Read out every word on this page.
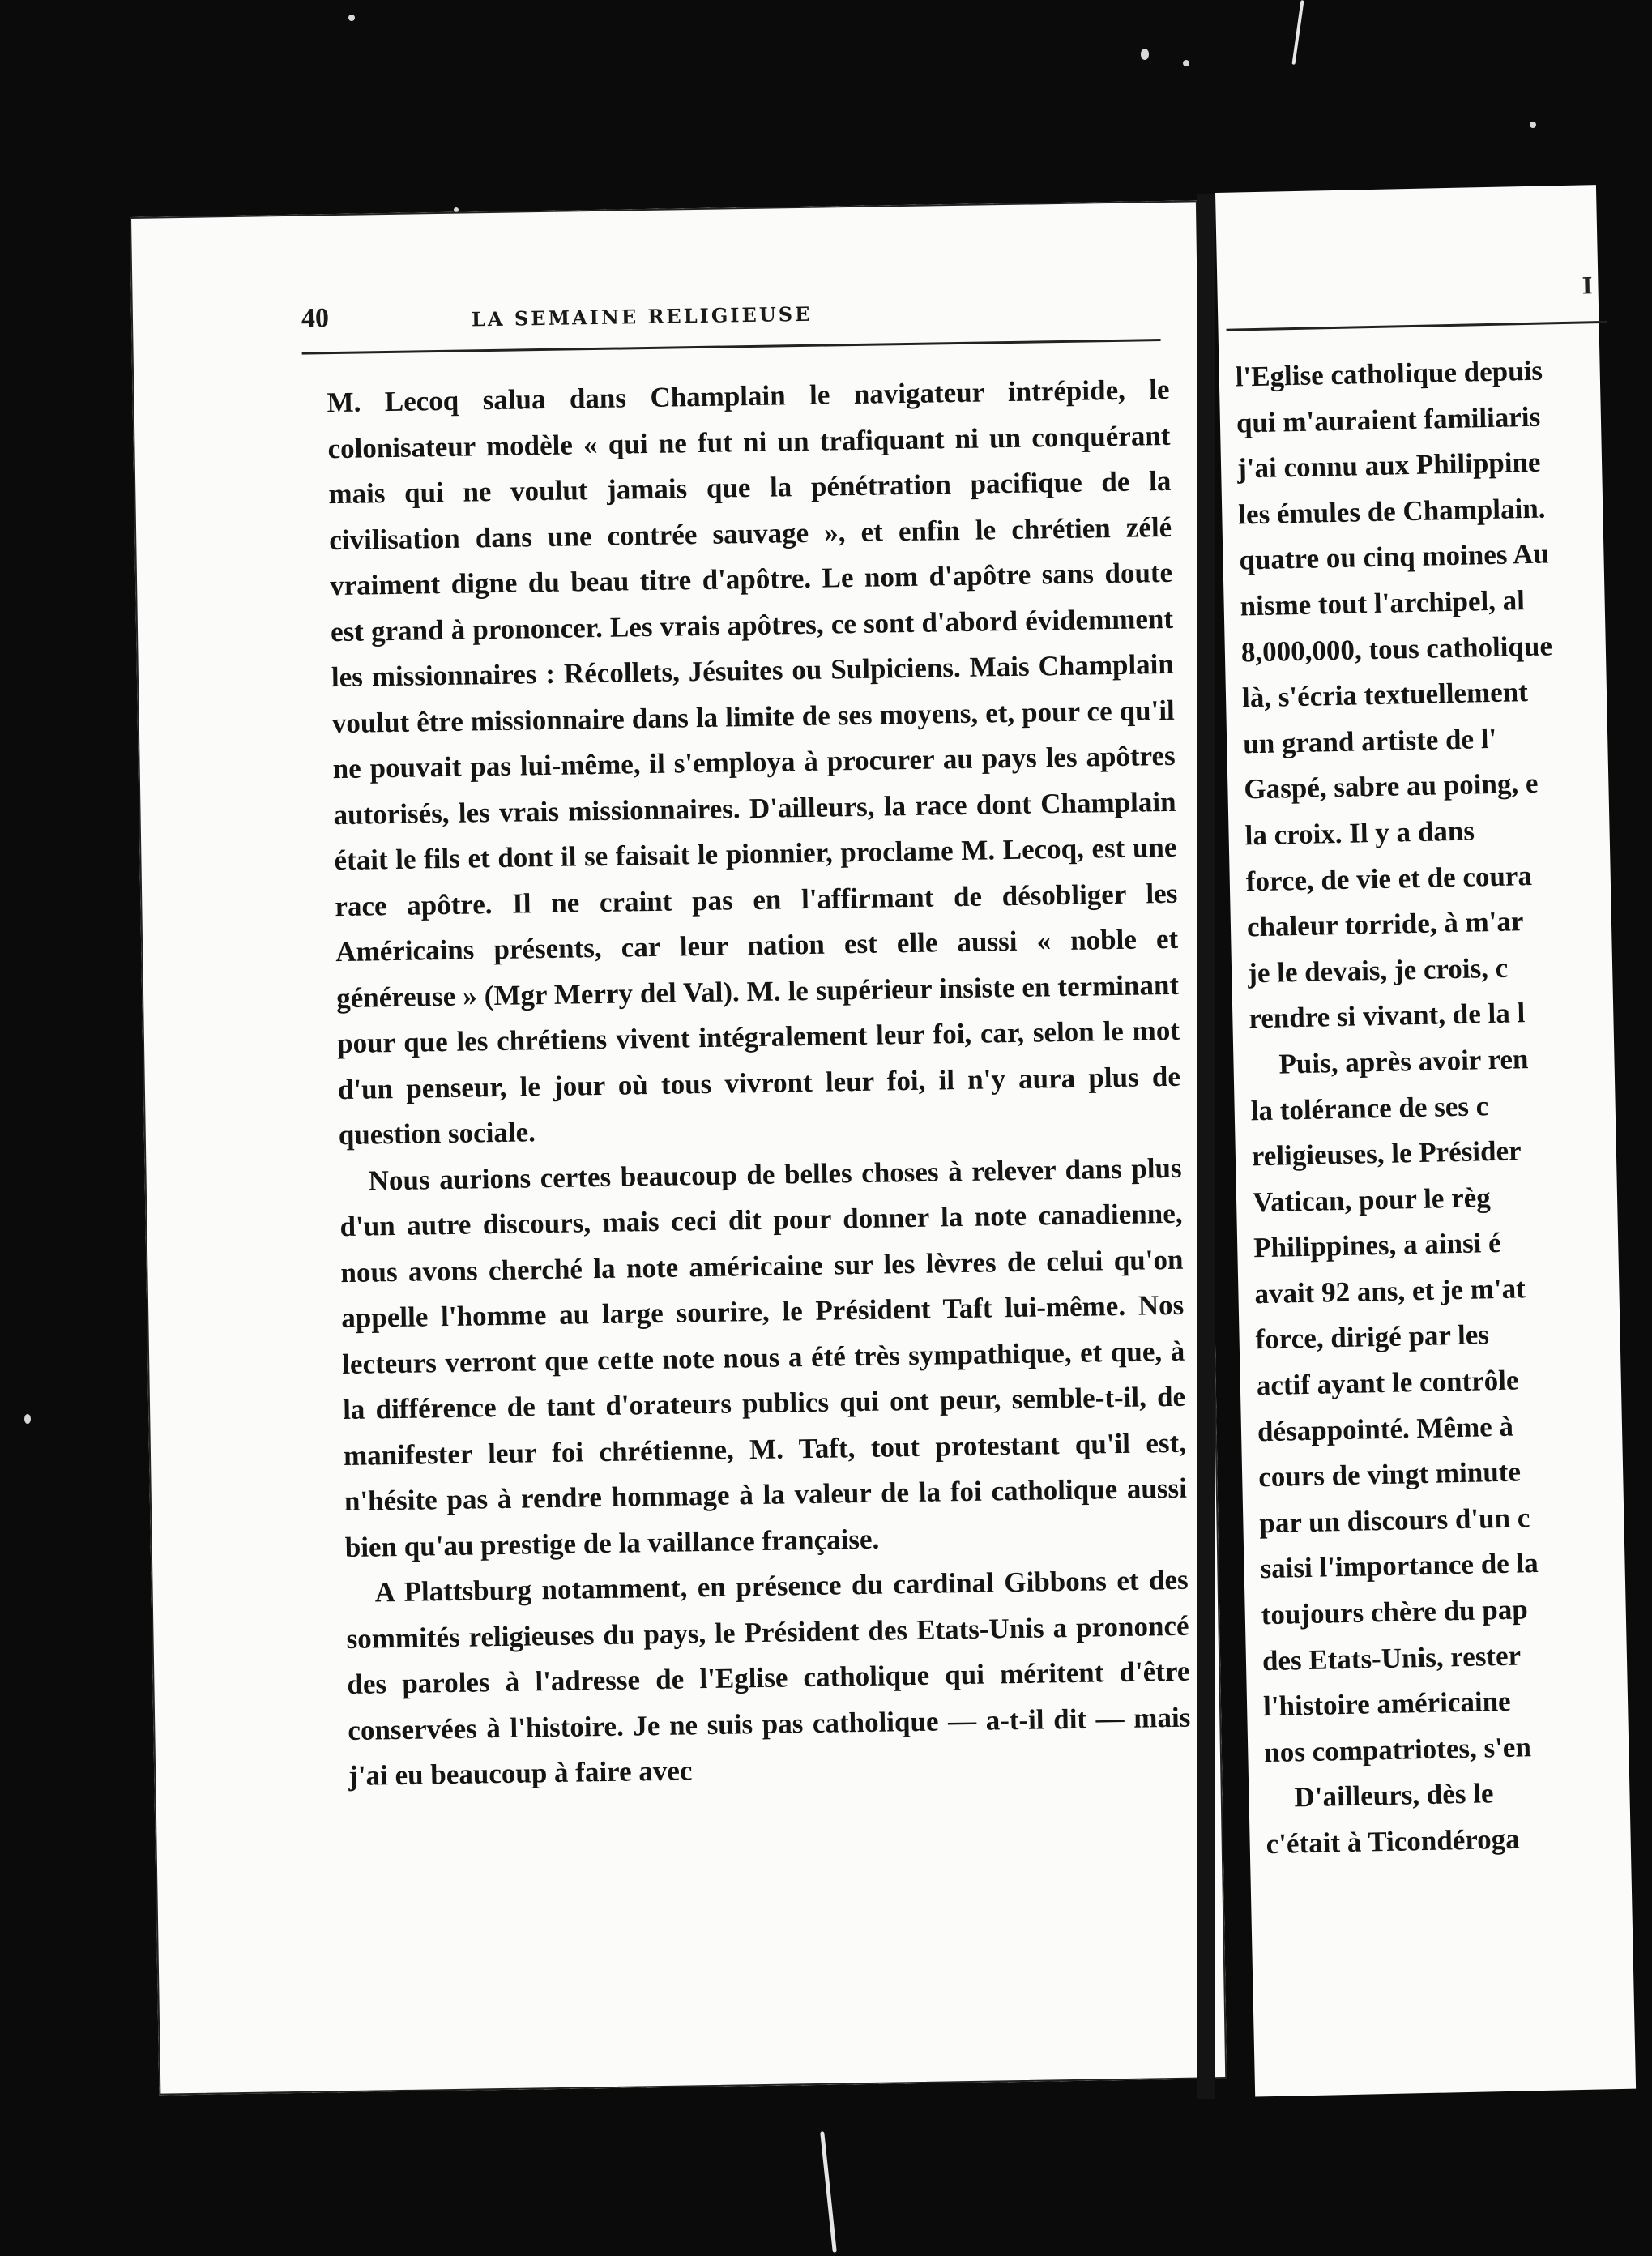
40	LA SEMAINE RELIGIEUSE

M. Lecoq salua dans Champlain le navigateur intrépide, le colonisateur modèle « qui ne fut ni un trafiquant ni un conquérant mais qui ne voulut jamais que la pénétration pacifique de la civilisation dans une contrée sauvage », et enfin le chrétien zélé vraiment digne du beau titre d'apôtre. Le nom d'apôtre sans doute est grand à prononcer. Les vrais apôtres, ce sont d'abord évidemment les missionnaires : Récollets, Jésuites ou Sulpiciens. Mais Champlain voulut être missionnaire dans la limite de ses moyens, et, pour ce qu'il ne pouvait pas lui-même, il s'employa à procurer au pays les apôtres autorisés, les vrais missionnaires. D'ailleurs, la race dont Champlain était le fils et dont il se faisait le pionnier, proclame M. Lecoq, est une race apôtre. Il ne craint pas en l'affirmant de désobliger les Américains présents, car leur nation est elle aussi « noble et généreuse » (Mgr Merry del Val). M. le supérieur insiste en terminant pour que les chrétiens vivent intégralement leur foi, car, selon le mot d'un penseur, le jour où tous vivront leur foi, il n'y aura plus de question sociale.

Nous aurions certes beaucoup de belles choses à relever dans plus d'un autre discours, mais ceci dit pour donner la note canadienne, nous avons cherché la note américaine sur les lèvres de celui qu'on appelle l'homme au large sourire, le Président Taft lui-même. Nos lecteurs verront que cette note nous a été très sympathique, et que, à la différence de tant d'orateurs publics qui ont peur, semble-t-il, de manifester leur foi chrétienne, M. Taft, tout protestant qu'il est, n'hésite pas à rendre hommage à la valeur de la foi catholique aussi bien qu'au prestige de la vaillance française.

A Plattsburg notamment, en présence du cardinal Gibbons et des sommités religieuses du pays, le Président des Etats-Unis a prononcé des paroles à l'adresse de l'Eglise catholique qui méritent d'être conservées à l'histoire. Je ne suis pas catholique — a-t-il dit — mais j'ai eu beaucoup à faire avec

I
l'Eglise catholique depuis
qui m'auraient familiaris
j'ai connu aux Philippine
les émules de Champlain.
quatre ou cinq moines Au
nisme tout l'archipel, al
8,000,000, tous catholique
là, s'écria textuellement
un grand artiste de l'
Gaspé, sabre au poing, e
la croix. Il y a dans
force, de vie et de coura
chaleur torride, à m'ar
je le devais, je crois, c
rendre si vivant, de la l
Puis, après avoir ren
la tolérance de ses c
religieuses, le Présider
Vatican, pour le règ
Philippines, a ainsi é
avait 92 ans, et je m'at
force, dirigé par les
actif ayant le contrôle
désappointé. Même à
cours de vingt minute
par un discours d'un c
saisi l'importance de la
toujours chère du pap
des Etats-Unis, rester
l'histoire américaine
nos compatriotes, s'en
D'ailleurs, dès le
c'était à Ticondéroga
